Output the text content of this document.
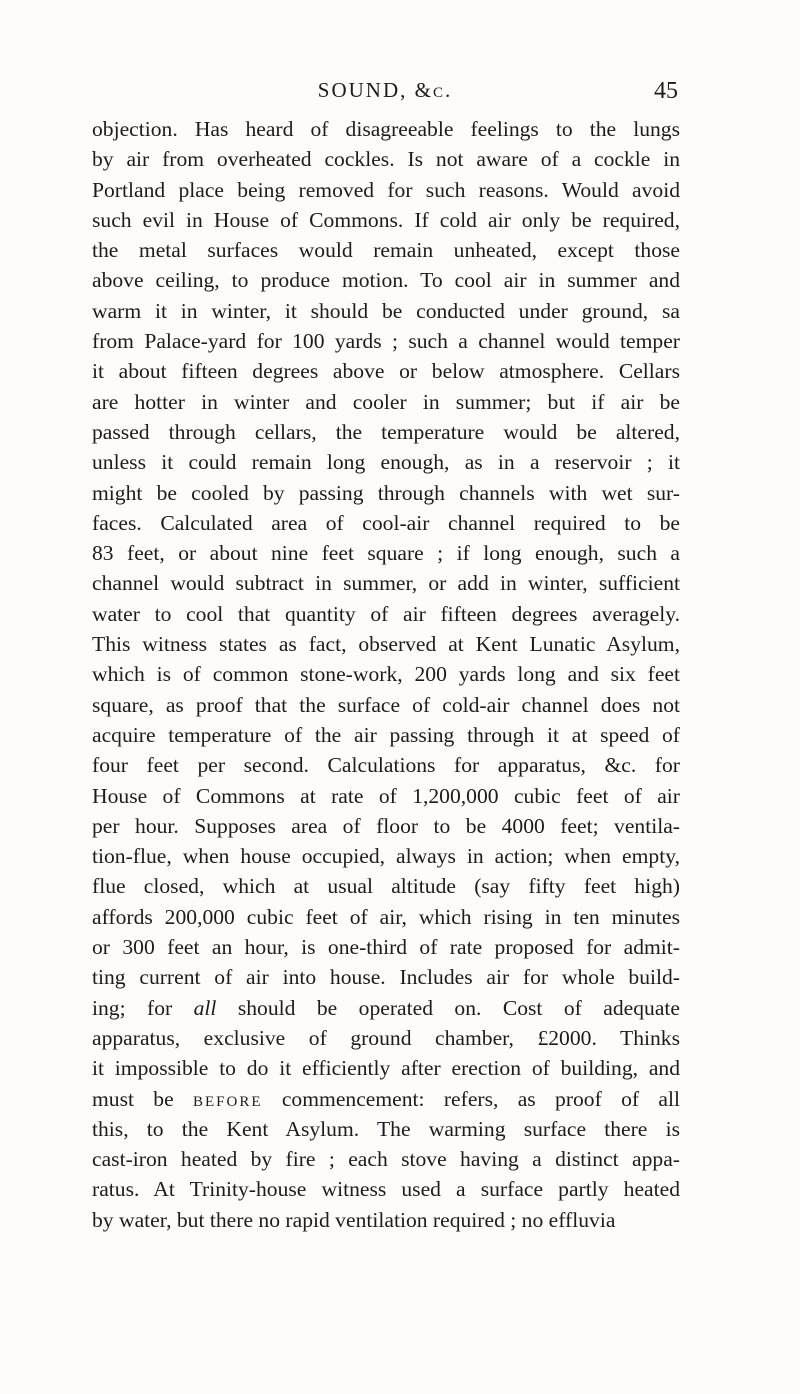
SOUND, &c.	45
objection. Has heard of disagreeable feelings to the lungs
by air from overheated cockles. Is not aware of a cockle in
Portland place being removed for such reasons. Would avoid
such evil in House of Commons. If cold air only be required,
the metal surfaces would remain unheated, except those
above ceiling, to produce motion. To cool air in summer and
warm it in winter, it should be conducted under ground, sa
from Palace-yard for 100 yards ; such a channel would temper
it about fifteen degrees above or below atmosphere. Cellars
are hotter in winter and cooler in summer; but if air be
passed through cellars, the temperature would be altered,
unless it could remain long enough, as in a reservoir ; it
might be cooled by passing through channels with wet sur-
faces. Calculated area of cool-air channel required to be
83 feet, or about nine feet square ; if long enough, such a
channel would subtract in summer, or add in winter, sufficient
water to cool that quantity of air fifteen degrees averagely.
This witness states as fact, observed at Kent Lunatic Asylum,
which is of common stone-work, 200 yards long and six feet
square, as proof that the surface of cold-air channel does not
acquire temperature of the air passing through it at speed of
four feet per second. Calculations for apparatus, &c. for
House of Commons at rate of 1,200,000 cubic feet of air
per hour. Supposes area of floor to be 4000 feet; ventila-
tion-flue, when house occupied, always in action; when empty,
flue closed, which at usual altitude (say fifty feet high)
affords 200,000 cubic feet of air, which rising in ten minutes
or 300 feet an hour, is one-third of rate proposed for admit-
ting current of air into house. Includes air for whole build-
ing; for all should be operated on. Cost of adequate
apparatus, exclusive of ground chamber, £2000. Thinks
it impossible to do it efficiently after erection of building, and
must be before commencement: refers, as proof of all
this, to the Kent Asylum. The warming surface there is
cast-iron heated by fire ; each stove having a distinct appa-
ratus. At Trinity-house witness used a surface partly heated
by water, but there no rapid ventilation required ; no effluvia
